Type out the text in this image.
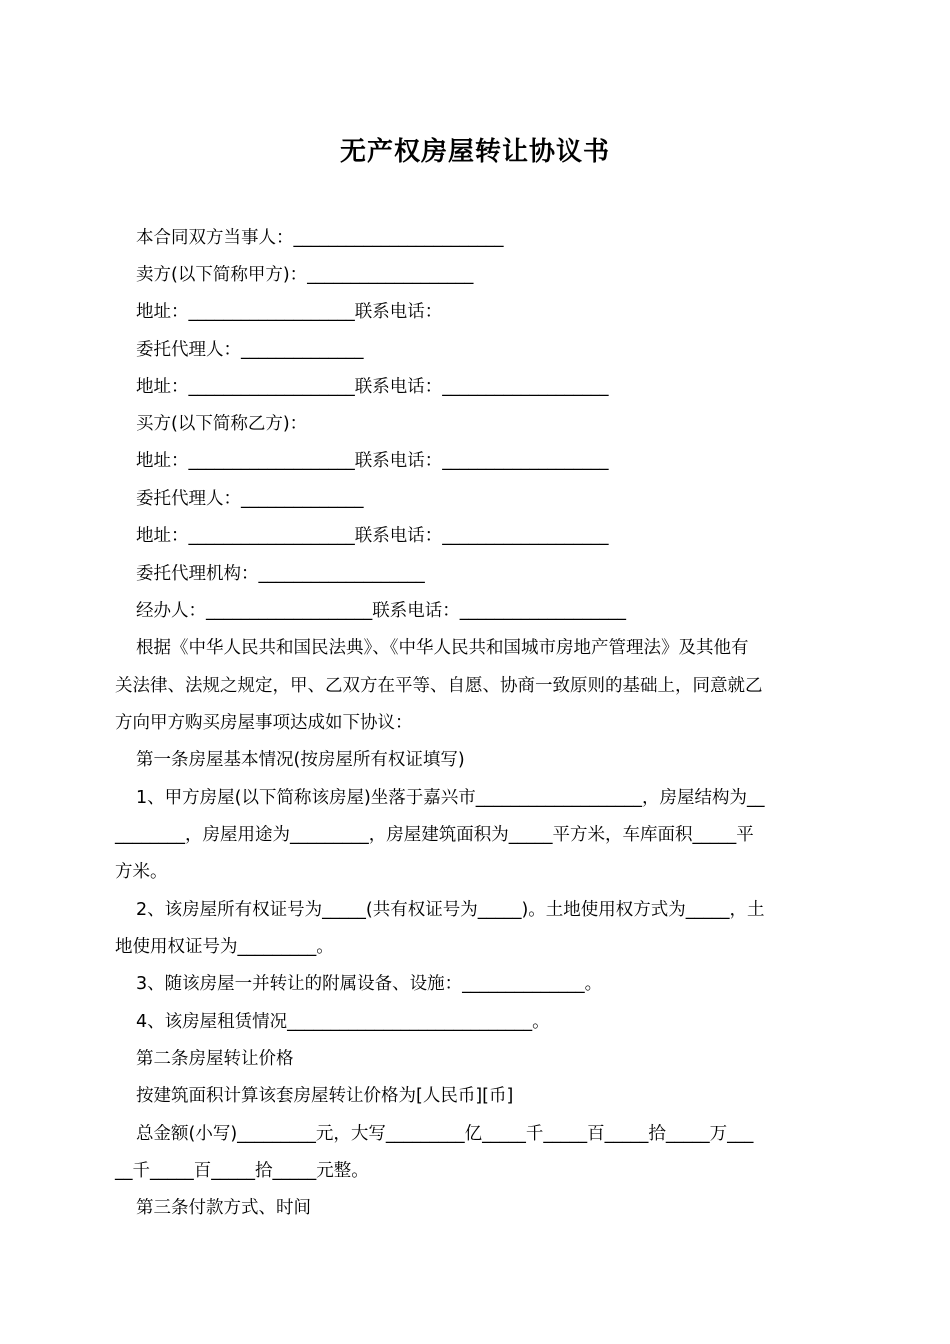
无产权房屋转让协议书
本合同双方当事人：________________________
卖方(以下简称甲方)：___________________
地址：___________________联系电话：
委托代理人：______________
地址：___________________联系电话：___________________
买方(以下简称乙方)：
地址：___________________联系电话：___________________
委托代理人：______________
地址：___________________联系电话：___________________
委托代理机构：___________________
经办人：___________________联系电话：___________________
根据《中华人民共和国民法典》、《中华人民共和国城市房地产管理法》及其他有
关法律、法规之规定，甲、乙双方在平等、自愿、协商一致原则的基础上，同意就乙
方向甲方购买房屋事项达成如下协议：
第一条房屋基本情况(按房屋所有权证填写)
1、甲方房屋(以下简称该房屋)坐落于嘉兴市___________________，房屋结构为__
________，房屋用途为_________，房屋建筑面积为_____平方米，车库面积_____平
方米。
2、该房屋所有权证号为_____(共有权证号为_____)。土地使用权方式为_____，土
地使用权证号为_________。
3、随该房屋一并转让的附属设备、设施：______________。
4、该房屋租赁情况____________________________。
第二条房屋转让价格
按建筑面积计算该套房屋转让价格为[人民币][币]
总金额(小写)_________元，大写_________亿_____千_____百_____拾_____万___
__千_____百_____拾_____元整。
第三条付款方式、时间
